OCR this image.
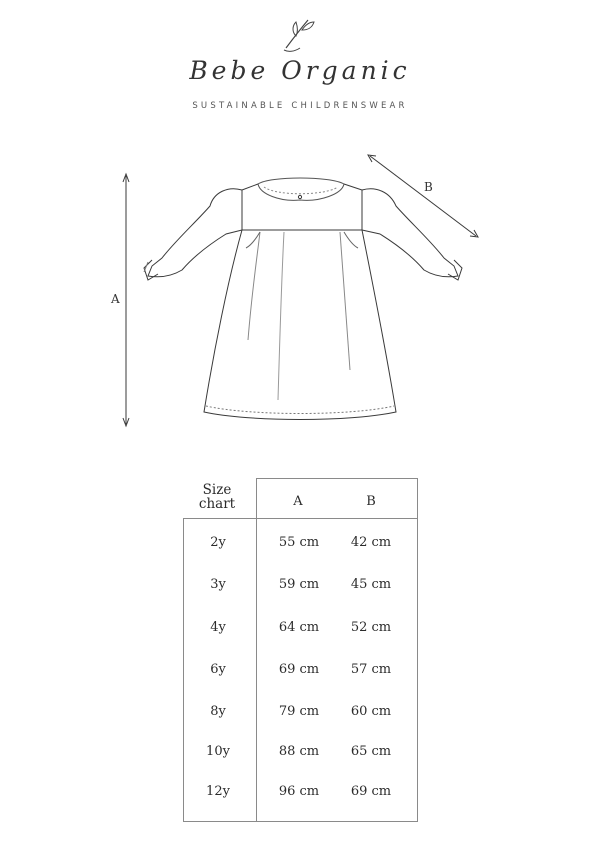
Bebe Organic
SUSTAINABLE CHILDRENSWEAR
A
B
Size chart	A	B
2y	55 cm	42 cm
3y	59 cm	45 cm
4y	64 cm	52 cm
6y	69 cm	57 cm
8y	79 cm	60 cm
10y	88 cm	65 cm
12y	96 cm	69 cm
